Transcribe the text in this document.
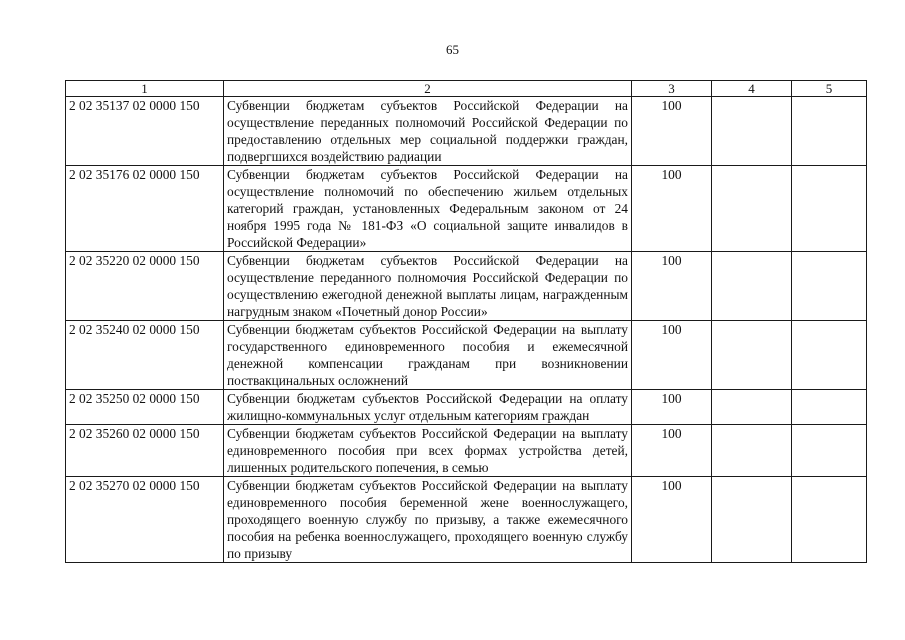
65
1	2	3	4	5
2 02 35137 02 0000 150	Субвенции бюджетам субъектов Российской Федерации на осуществление переданных полномочий Российской Федерации по предоставлению отдельных мер социальной поддержки граждан, подвергшихся воздействию радиации	100		
2 02 35176 02 0000 150	Субвенции бюджетам субъектов Российской Федерации на осуществление полномочий по обеспечению жильем отдельных категорий граждан, установленных Федеральным законом от 24 ноября 1995 года № 181-ФЗ «О социальной защите инвалидов в Российской Федерации»	100		
2 02 35220 02 0000 150	Субвенции бюджетам субъектов Российской Федерации на осуществление переданного полномочия Российской Федерации по осуществлению ежегодной денежной выплаты лицам, награжденным нагрудным знаком «Почетный донор России»	100		
2 02 35240 02 0000 150	Субвенции бюджетам субъектов Российской Федерации на выплату государственного единовременного пособия и ежемесячной денежной компенсации гражданам при возникновении поствакцинальных осложнений	100		
2 02 35250 02 0000 150	Субвенции бюджетам субъектов Российской Федерации на оплату жилищно-коммунальных услуг отдельным категориям граждан	100		
2 02 35260 02 0000 150	Субвенции бюджетам субъектов Российской Федерации на выплату единовременного пособия при всех формах устройства детей, лишенных родительского попечения, в семью	100		
2 02 35270 02 0000 150	Субвенции бюджетам субъектов Российской Федерации на выплату единовременного пособия беременной жене военнослужащего, проходящего военную службу по призыву, а также ежемесячного пособия на ребенка военнослужащего, проходящего военную службу по призыву	100		
